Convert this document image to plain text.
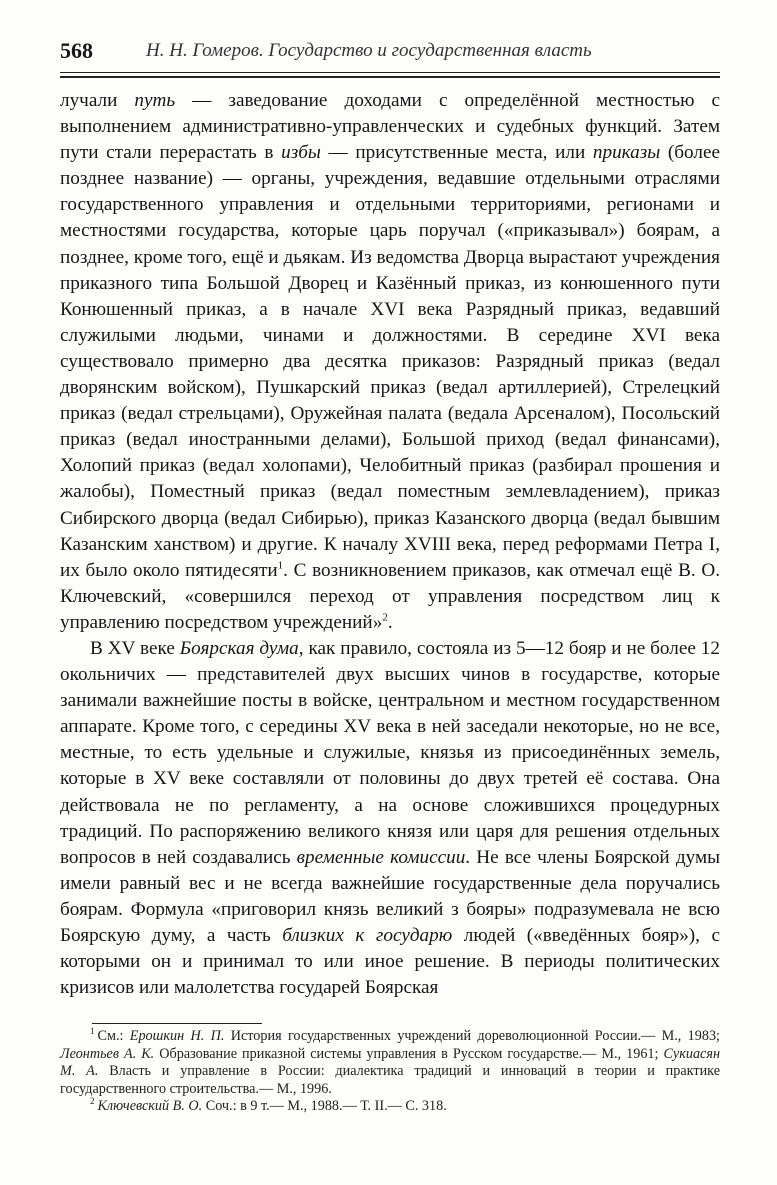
568	Н. Н. Гомеров. Государство и государственная власть

лучали путь — заведование доходами с определённой местностью с выполнением административно-управленческих и судебных функций. Затем пути стали перерастать в избы — присутственные места, или приказы (более позднее название) — органы, учреждения, ведавшие отдельными отраслями государственного управления и отдельными территориями, регионами и местностями государства, которые царь поручал («приказывал») боярам, а позднее, кроме того, ещё и дьякам. Из ведомства Дворца вырастают учреждения приказного типа Большой Дворец и Казённый приказ, из конюшенного пути Конюшенный приказ, а в начале XVI века Разрядный приказ, ведавший служилыми людьми, чинами и должностями. В середине XVI века существовало примерно два десятка приказов: Разрядный приказ (ведал дворянским войском), Пушкарский приказ (ведал артиллерией), Стрелецкий приказ (ведал стрельцами), Оружейная палата (ведала Арсеналом), Посольский приказ (ведал иностранными делами), Большой приход (ведал финансами), Холопий приказ (ведал холопами), Челобитный приказ (разбирал прошения и жалобы), Поместный приказ (ведал поместным землевладением), приказ Сибирского дворца (ведал Сибирью), приказ Казанского дворца (ведал бывшим Казанским ханством) и другие. К началу XVIII века, перед реформами Петра I, их было около пятидесяти$^1$. С возникновением приказов, как отмечал ещё В. О. Ключевский, «совершился переход от управления посредством лиц к управлению посредством учреждений»$^2$.

В XV веке Боярская дума, как правило, состояла из 5—12 бояр и не более 12 окольничих — представителей двух высших чинов в государстве, которые занимали важнейшие посты в войске, центральном и местном государственном аппарате. Кроме того, с середины XV века в ней заседали некоторые, но не все, местные, то есть удельные и служилые, князья из присоединённых земель, которые в XV веке составляли от половины до двух третей её состава. Она действовала не по регламенту, а на основе сложившихся процедурных традиций. По распоряжению великого князя или царя для решения отдельных вопросов в ней создавались временные комиссии. Не все члены Боярской думы имели равный вес и не всегда важнейшие государственные дела поручались боярам. Формула «приговорил князь великий з бояры» подразумевала не всю Боярскую думу, а часть близких к государю людей («введённых бояр»), с которыми он и принимал то или иное решение. В периоды политических кризисов или малолетства государей Боярская

$^1$ См.: Ерошкин Н. П. История государственных учреждений дореволюционной России.— М., 1983; Леонтьев А. К. Образование приказной системы управления в Русском государстве.— М., 1961; Сукиасян М. А. Власть и управление в России: диалектика традиций и инноваций в теории и практике государственного строительства.— М., 1996.

$^2$ Ключевский В. О. Соч.: в 9 т.— М., 1988.— Т. II.— С. 318.
